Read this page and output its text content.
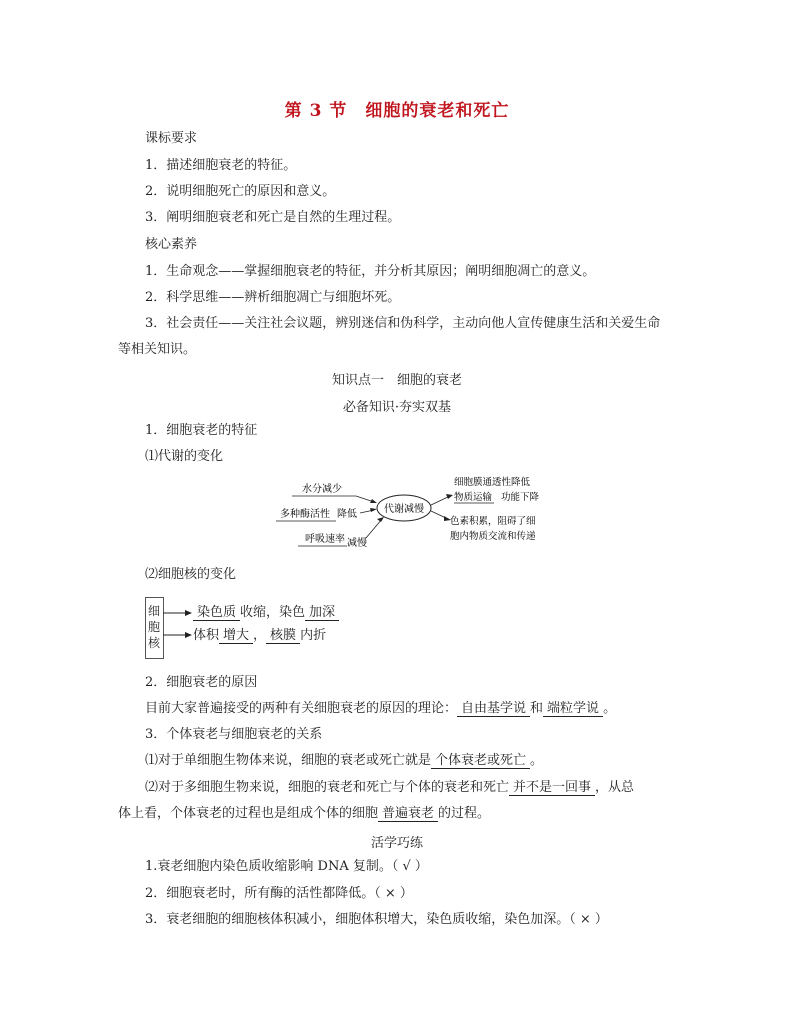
第 3 节　细胞的衰老和死亡
课标要求
1．描述细胞衰老的特征。
2．说明细胞死亡的原因和意义。
3．阐明细胞衰老和死亡是自然的生理过程。
核心素养
1．生命观念——掌握细胞衰老的特征，并分析其原因；阐明细胞凋亡的意义。
2．科学思维——辨析细胞凋亡与细胞坏死。
3．社会责任——关注社会议题，辨别迷信和伪科学，主动向他人宣传健康生活和关爱生命
等相关知识。
知识点一　细胞的衰老
必备知识·夯实双基
1．细胞衰老的特征
⑴代谢的变化
代谢减慢
水分减少
多种酶活性 降低
呼吸速率 减慢
细胞膜通透性降低
物质运输 功能下降
色素积累，阻碍了细
胞内物质交流和传递
⑵细胞核的变化
细
胞
核
染色质 收缩，染色 加深
体积 增大 ， 核膜 内折
2．细胞衰老的原因
目前大家普遍接受的两种有关细胞衰老的原因的理论： 自由基学说 和 端粒学说 。
3．个体衰老与细胞衰老的关系
⑴对于单细胞生物体来说，细胞的衰老或死亡就是 个体衰老或死亡 。
⑵对于多细胞生物来说，细胞的衰老和死亡与个体的衰老和死亡 并不是一回事 ，从总
体上看，个体衰老的过程也是组成个体的细胞 普遍衰老 的过程。
活学巧练
1.衰老细胞内染色质收缩影响 DNA 复制。（ √ ）
2．细胞衰老时，所有酶的活性都降低。（ × ）
3．衰老细胞的细胞核体积减小，细胞体积增大，染色质收缩，染色加深。（ × ）
